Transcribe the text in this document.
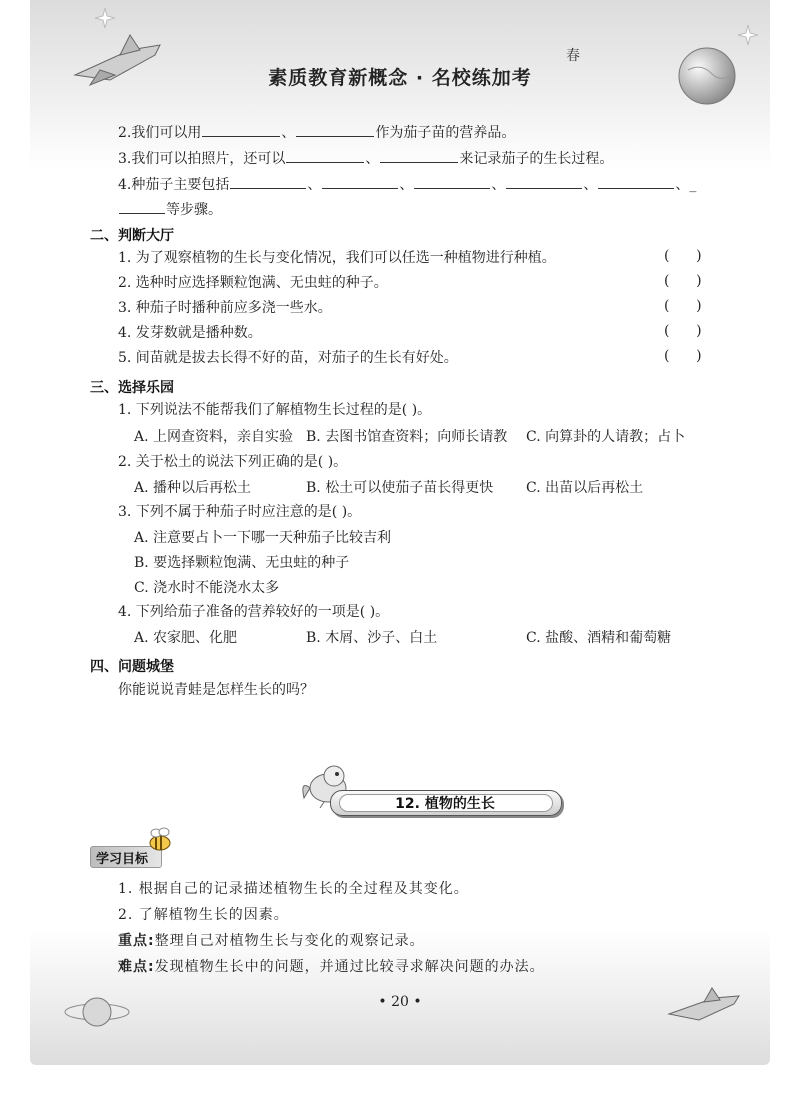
素质教育新概念 · 名校练加考
春
2.我们可以用	、	作为茄子苗的营养品。
3.我们可以拍照片，还可以	、	来记录茄子的生长过程。
4.种茄子主要包括	、	、	、	、	、_
等步骤。
二、判断大厅
1. 为了观察植物的生长与变化情况，我们可以任选一种植物进行种植。	(      )
2. 选种时应选择颗粒饱满、无虫蛀的种子。	(      )
3. 种茄子时播种前应多浇一些水。	(      )
4. 发芽数就是播种数。	(      )
5. 间苗就是拔去长得不好的苗，对茄子的生长有好处。	(      )
三、选择乐园
1. 下列说法不能帮我们了解植物生长过程的是( )。
A. 上网查资料，亲自实验 B. 去图书馆查资料；向师长请教 C. 向算卦的人请教；占卜
2. 关于松土的说法下列正确的是( )。
A. 播种以后再松土	B. 松土可以使茄子苗长得更快 C. 出苗以后再松土
3. 下列不属于种茄子时应注意的是( )。
A. 注意要占卜一下哪一天种茄子比较吉利
B. 要选择颗粒饱满、无虫蛀的种子
C. 浇水时不能浇水太多
4. 下列给茄子准备的营养较好的一项是( )。
A. 农家肥、化肥	B. 木屑、沙子、白土	C. 盐酸、酒精和葡萄糖
四、问题城堡
你能说说青蛙是怎样生长的吗？
12. 植物的生长
学习目标
1. 根据自己的记录描述植物生长的全过程及其变化。
2. 了解植物生长的因素。
重点:整理自己对植物生长与变化的观察记录。
难点:发现植物生长中的问题，并通过比较寻求解决问题的办法。
• 20 •
